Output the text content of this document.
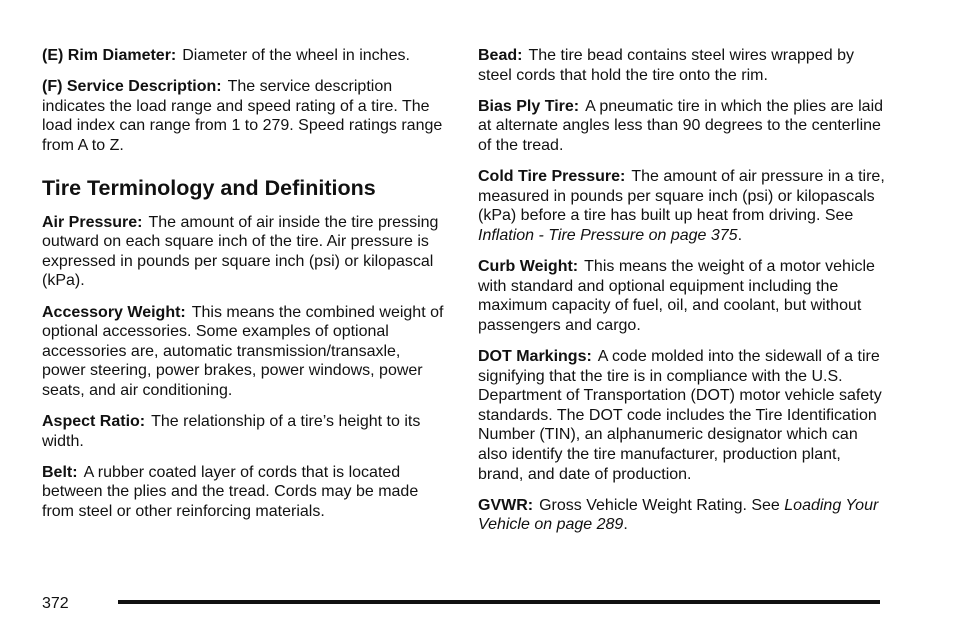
(E) Rim Diameter: Diameter of the wheel in inches.

(F) Service Description: The service description indicates the load range and speed rating of a tire. The load index can range from 1 to 279. Speed ratings range from A to Z.

Tire Terminology and Definitions

Air Pressure: The amount of air inside the tire pressing outward on each square inch of the tire. Air pressure is expressed in pounds per square inch (psi) or kilopascal (kPa).

Accessory Weight: This means the combined weight of optional accessories. Some examples of optional accessories are, automatic transmission/transaxle, power steering, power brakes, power windows, power seats, and air conditioning.

Aspect Ratio: The relationship of a tire’s height to its width.

Belt: A rubber coated layer of cords that is located between the plies and the tread. Cords may be made from steel or other reinforcing materials.

Bead: The tire bead contains steel wires wrapped by steel cords that hold the tire onto the rim.

Bias Ply Tire: A pneumatic tire in which the plies are laid at alternate angles less than 90 degrees to the centerline of the tread.

Cold Tire Pressure: The amount of air pressure in a tire, measured in pounds per square inch (psi) or kilopascals (kPa) before a tire has built up heat from driving. See Inflation - Tire Pressure on page 375.

Curb Weight: This means the weight of a motor vehicle with standard and optional equipment including the maximum capacity of fuel, oil, and coolant, but without passengers and cargo.

DOT Markings: A code molded into the sidewall of a tire signifying that the tire is in compliance with the U.S. Department of Transportation (DOT) motor vehicle safety standards. The DOT code includes the Tire Identification Number (TIN), an alphanumeric designator which can also identify the tire manufacturer, production plant, brand, and date of production.

GVWR: Gross Vehicle Weight Rating. See Loading Your Vehicle on page 289.

372
